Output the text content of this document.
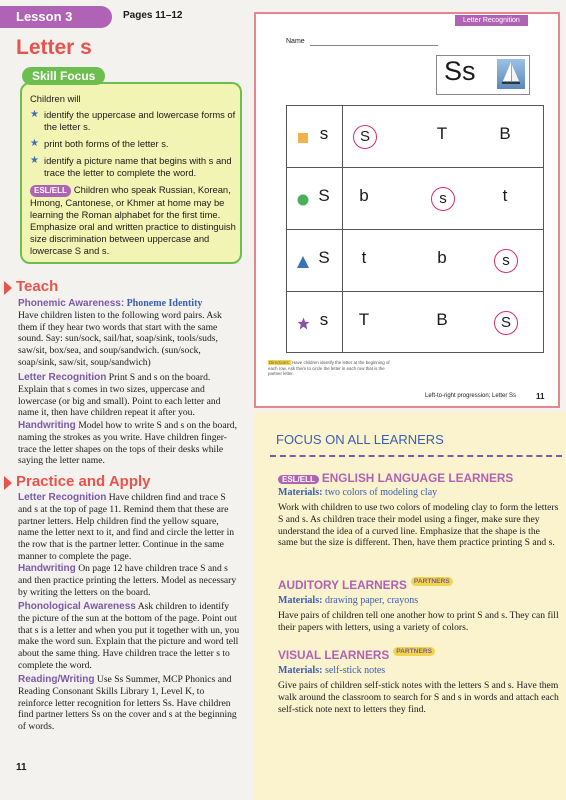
Lesson 3	Pages 11–12
Letter s
Skill Focus
Children will
★ identify the uppercase and lowercase forms of the letter s.
★ print both forms of the letter s.
★ identify a picture name that begins with s and trace the letter to complete the word.
ESL/ELL Children who speak Russian, Korean, Hmong, Cantonese, or Khmer at home may be learning the Roman alphabet for the first time. Emphasize oral and written practice to distinguish size discrimination between uppercase and lowercase S and s.
Teach
Phonemic Awareness: Phoneme Identity
Have children listen to the following word pairs. Ask them if they hear two words that start with the same sound. Say: sun/sock, sail/hat, soap/sink, tools/suds, saw/sit, box/sea, and soup/sandwich. (sun/sock, soap/sink, saw/sit, soup/sandwich)
Letter Recognition Print S and s on the board. Explain that s comes in two sizes, uppercase and lowercase (or big and small). Point to each letter and name it, then have children repeat it after you.
Handwriting Model how to write S and s on the board, naming the strokes as you write. Have children finger-trace the letter shapes on the tops of their desks while saying the letter name.
Practice and Apply
Letter Recognition Have children find and trace S and s at the top of page 11. Remind them that these are partner letters. Help children find the yellow square, name the letter next to it, and find and circle the letter in the row that is the partner letter. Continue in the same manner to complete the page.
Handwriting On page 12 have children trace S and s and then practice printing the letters. Model as necessary by writing the letters on the board.
Phonological Awareness Ask children to identify the picture of the sun at the bottom of the page. Point out that s is a letter and when you put it together with un, you make the word sun. Explain that the picture and word tell about the same thing. Have children trace the letter s to complete the word.
Reading/Writing Use Ss Summer, MCP Phonics and Reading Consonant Skills Library 1, Level K, to reinforce letter recognition for letters Ss. Have children find partner letters Ss on the cover and s at the beginning of words.
11
Letter Recognition
Name
Ss
s	S	T	B
S	b	s	t
S	t	b	s
s	T	B	S
Directions: Have children identify the letter at the beginning of each row. Ask them to circle the letter in each row that is the partner letter.
Left-to-right progression; Letter Ss 11
FOCUS ON ALL LEARNERS
ESL/ELL ENGLISH LANGUAGE LEARNERS
Materials: two colors of modeling clay
Work with children to use two colors of modeling clay to form the letters S and s. As children trace their model using a finger, make sure they understand the idea of a curved line. Emphasize that the shape is the same but the size is different. Then, have them practice printing S and s.
AUDITORY LEARNERS $^{PARTNERS}$
Materials: drawing paper, crayons
Have pairs of children tell one another how to print S and s. They can fill their papers with letters, using a variety of colors.
VISUAL LEARNERS $^{PARTNERS}$
Materials: self-stick notes
Give pairs of children self-stick notes with the letters S and s. Have them walk around the classroom to search for S and s in words and attach each self-stick note next to letters they find.
